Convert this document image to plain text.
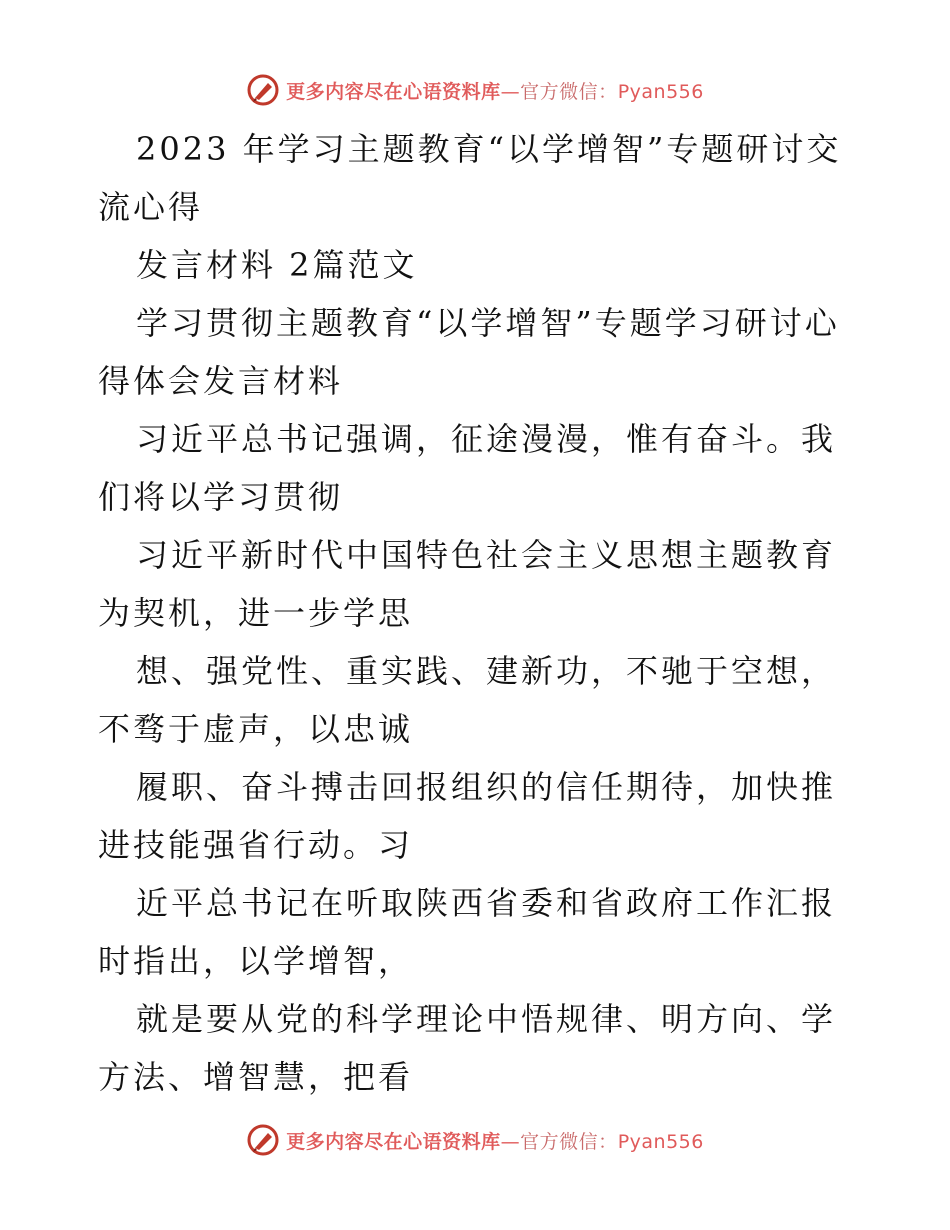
更多内容尽在心语资料库—官方微信：Pyan556

2023 年学习主题教育“以学增智”专题研讨交流心得

发言材料 2篇范文

学习贯彻主题教育“以学增智”专题学习研讨心得体会发言材料

习近平总书记强调，征途漫漫，惟有奋斗。我们将以学习贯彻

习近平新时代中国特色社会主义思想主题教育为契机，进一步学思

想、强党性、重实践、建新功，不驰于空想，不骛于虚声，以忠诚

履职、奋斗搏击回报组织的信任期待，加快推进技能强省行动。习

近平总书记在听取陕西省委和省政府工作汇报时指出，以学增智，

就是要从党的科学理论中悟规律、明方向、学方法、增智慧，把看

更多内容尽在心语资料库—官方微信：Pyan556
